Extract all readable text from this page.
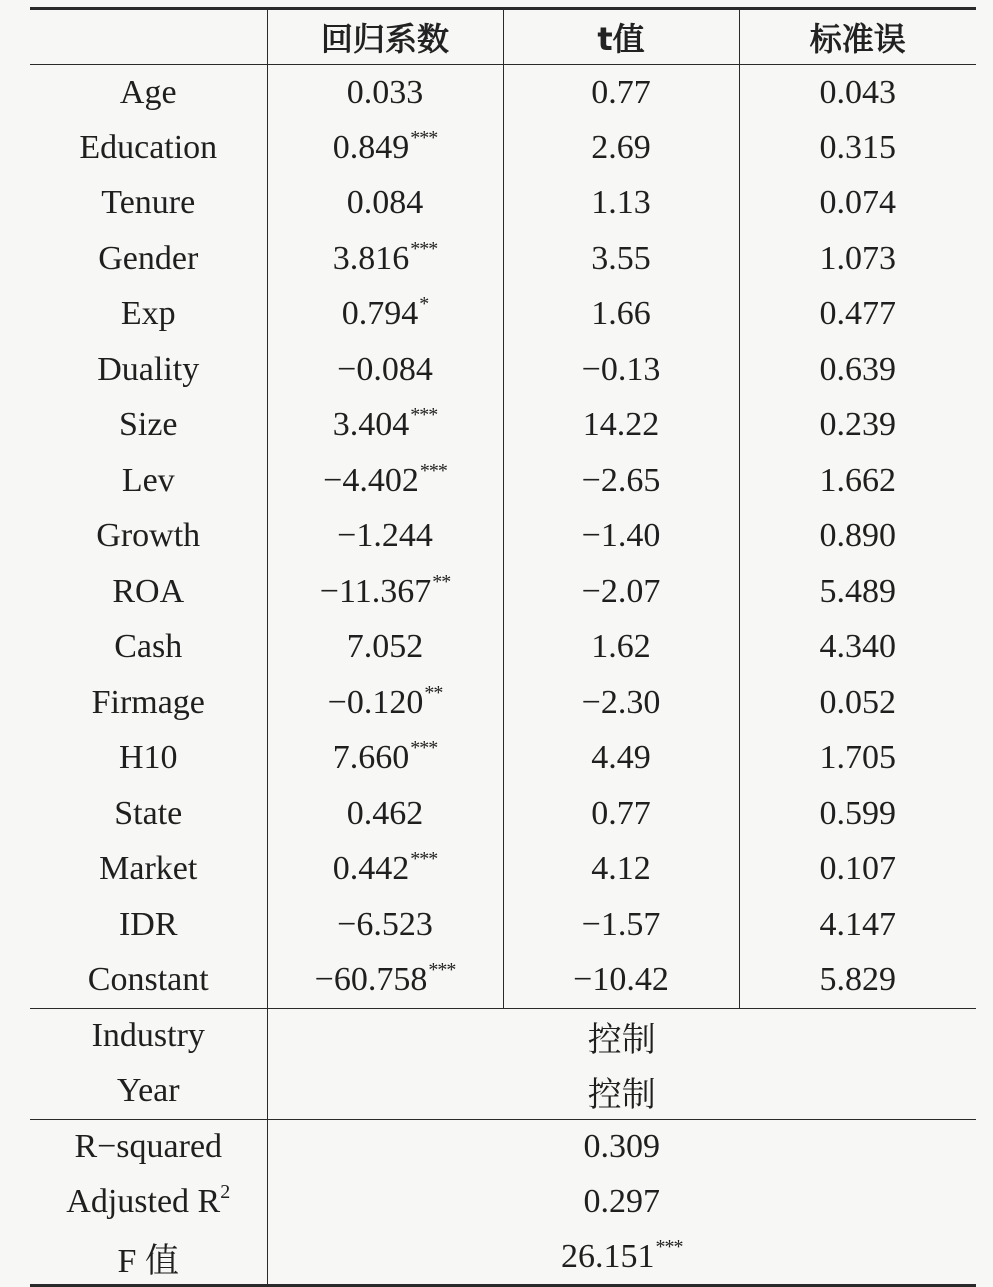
	回归系数	t值	标准误
Age	0.033	0.77	0.043
Education	0.849***	2.69	0.315
Tenure	0.084	1.13	0.074
Gender	3.816***	3.55	1.073
Exp	0.794*	1.66	0.477
Duality	−0.084	−0.13	0.639
Size	3.404***	14.22	0.239
Lev	−4.402***	−2.65	1.662
Growth	−1.244	−1.40	0.890
ROA	−11.367**	−2.07	5.489
Cash	7.052	1.62	4.340
Firmage	−0.120**	−2.30	0.052
H10	7.660***	4.49	1.705
State	0.462	0.77	0.599
Market	0.442***	4.12	0.107
IDR	−6.523	−1.57	4.147
Constant	−60.758***	−10.42	5.829
Industry	控制		
Year	控制		
R−squared	0.309		
Adjusted $R^2$	0.297		
F 值	26.151***
